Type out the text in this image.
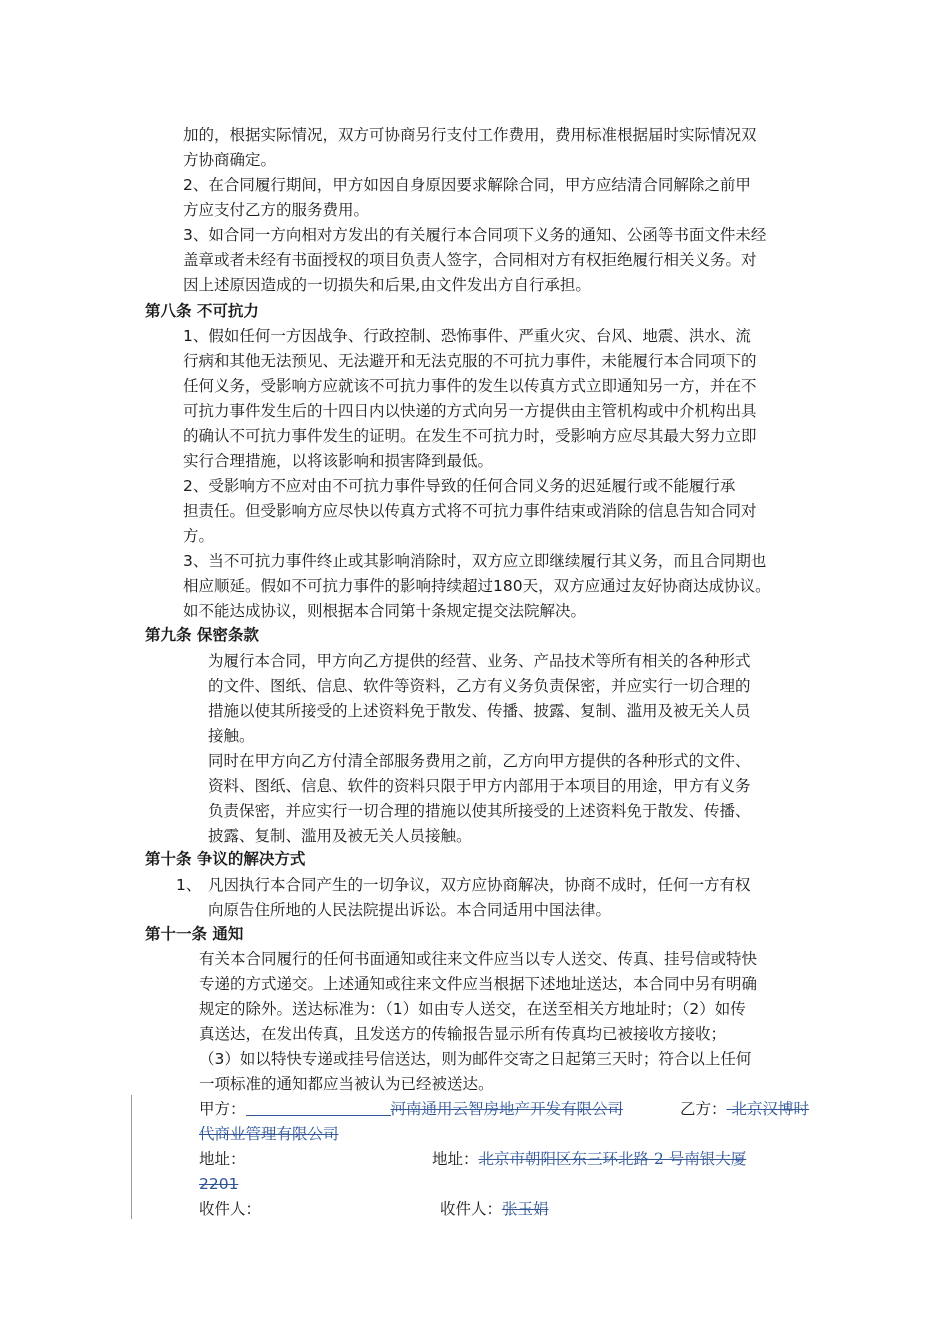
加的，根据实际情况，双方可协商另行支付工作费用，费用标准根据届时实际情况双
方协商确定。
2、在合同履行期间，甲方如因自身原因要求解除合同，甲方应结清合同解除之前甲
方应支付乙方的服务费用。
3、如合同一方向相对方发出的有关履行本合同项下义务的通知、公函等书面文件未经
盖章或者未经有书面授权的项目负责人签字，合同相对方有权拒绝履行相关义务。对
因上述原因造成的一切损失和后果,由文件发出方自行承担。
第八条 不可抗力
1、假如任何一方因战争、行政控制、恐怖事件、严重火灾、台风、地震、洪水、流
行病和其他无法预见、无法避开和无法克服的不可抗力事件，未能履行本合同项下的
任何义务，受影响方应就该不可抗力事件的发生以传真方式立即通知另一方，并在不
可抗力事件发生后的十四日内以快递的方式向另一方提供由主管机构或中介机构出具
的确认不可抗力事件发生的证明。在发生不可抗力时，受影响方应尽其最大努力立即
实行合理措施，以将该影响和损害降到最低。
2、受影响方不应对由不可抗力事件导致的任何合同义务的迟延履行或不能履行承
担责任。但受影响方应尽快以传真方式将不可抗力事件结束或消除的信息告知合同对
方。
3、当不可抗力事件终止或其影响消除时，双方应立即继续履行其义务，而且合同期也
相应顺延。假如不可抗力事件的影响持续超过180天，双方应通过友好协商达成协议。
如不能达成协议，则根据本合同第十条规定提交法院解决。
第九条 保密条款
为履行本合同，甲方向乙方提供的经营、业务、产品技术等所有相关的各种形式
的文件、图纸、信息、软件等资料，乙方有义务负责保密，并应实行一切合理的
措施以使其所接受的上述资料免于散发、传播、披露、复制、滥用及被无关人员
接触。
同时在甲方向乙方付清全部服务费用之前，乙方向甲方提供的各种形式的文件、
资料、图纸、信息、软件的资料只限于甲方内部用于本项目的用途，甲方有义务
负责保密，并应实行一切合理的措施以使其所接受的上述资料免于散发、传播、
披露、复制、滥用及被无关人员接触。
第十条 争议的解决方式
1、 凡因执行本合同产生的一切争议，双方应协商解决，协商不成时，任何一方有权
向原告住所地的人民法院提出诉讼。本合同适用中国法律。
第十一条 通知
有关本合同履行的任何书面通知或往来文件应当以专人送交、传真、挂号信或特快
专递的方式递交。上述通知或往来文件应当根据下述地址送达，本合同中另有明确
规定的除外。送达标准为：（1）如由专人送交，在送至相关方地址时；（2）如传
真送达，在发出传真，且发送方的传输报告显示所有传真均已被接收方接收；
（3）如以特快专递或挂号信送达，则为邮件交寄之日起第三天时；符合以上任何
一项标准的通知都应当被认为已经被送达。
甲方：	河南通用云智房地产开发有限公司	乙方： 北京汉博时
代商业管理有限公司
地址：	地址：北京市朝阳区东三环北路 2 号南银大厦
2201
收件人：	收件人：张玉娟
